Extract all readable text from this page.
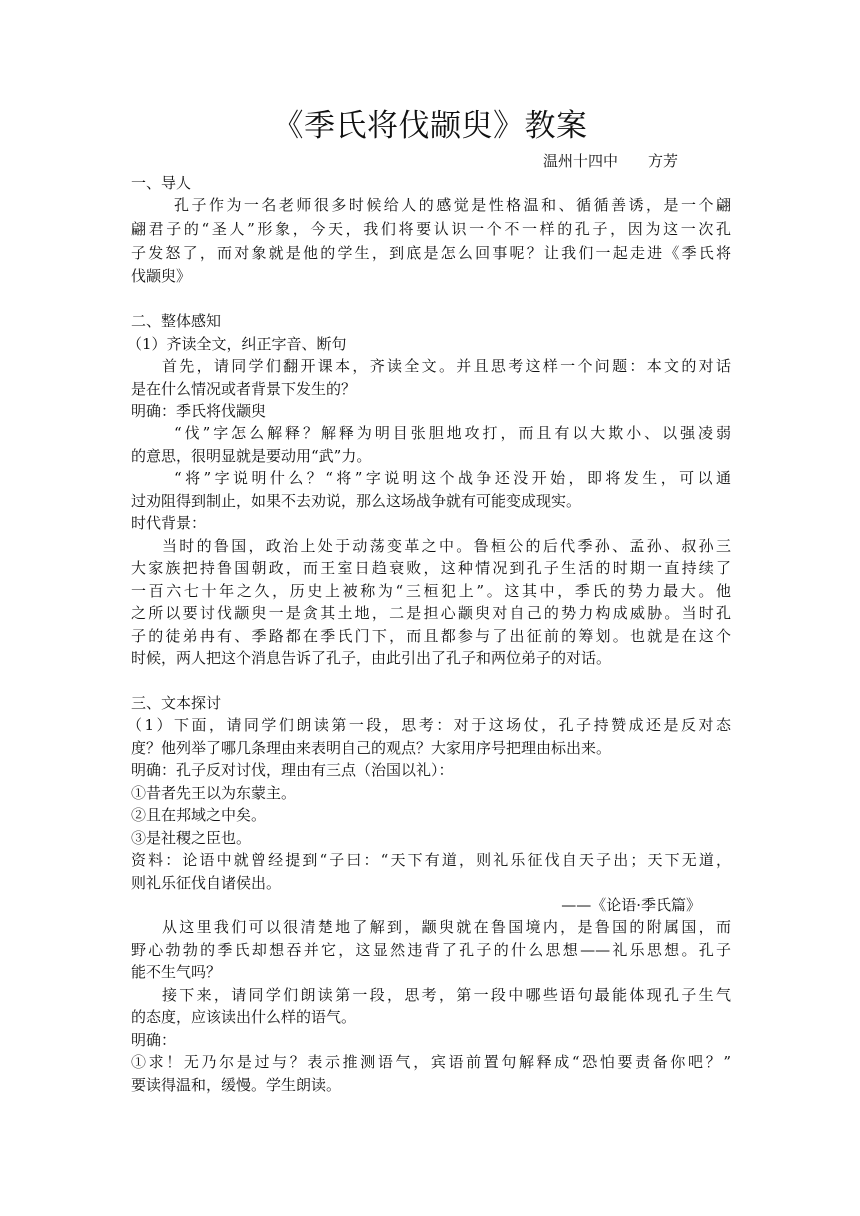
《季氏将伐颛臾》教案
温州十四中 方芳
一、导人
孔子作为一名老师很多时候给人的感觉是性格温和、循循善诱，是一个翩
翩君子的“圣人”形象，今天，我们将要认识一个不一样的孔子，因为这一次孔
子发怒了，而对象就是他的学生，到底是怎么回事呢？让我们一起走进《季氏将
伐颛臾》
二、整体感知
（1）齐读全文，纠正字音、断句
首先，请同学们翻开课本，齐读全文。并且思考这样一个问题：本文的对话
是在什么情况或者背景下发生的？
明确：季氏将伐颛臾
“伐”字怎么解释？解释为明目张胆地攻打，而且有以大欺小、以强凌弱
的意思，很明显就是要动用“武”力。
“将”字说明什么？“将”字说明这个战争还没开始，即将发生，可以通
过劝阻得到制止，如果不去劝说，那么这场战争就有可能变成现实。
时代背景：
当时的鲁国，政治上处于动荡变革之中。鲁桓公的后代季孙、孟孙、叔孙三
大家族把持鲁国朝政，而王室日趋衰败，这种情况到孔子生活的时期一直持续了
一百六七十年之久，历史上被称为“三桓犯上”。这其中，季氏的势力最大。他
之所以要讨伐颛臾一是贪其土地，二是担心颛臾对自己的势力构成威胁。当时孔
子的徒弟冉有、季路都在季氏门下，而且都参与了出征前的筹划。也就是在这个
时候，两人把这个消息告诉了孔子，由此引出了孔子和两位弟子的对话。
三、文本探讨
（1）下面，请同学们朗读第一段，思考：对于这场仗，孔子持赞成还是反对态
度？他列举了哪几条理由来表明自己的观点？大家用序号把理由标出来。
明确：孔子反对讨伐，理由有三点（治国以礼）：
①昔者先王以为东蒙主。
②且在邦域之中矣。
③是社稷之臣也。
资料：论语中就曾经提到“子曰：“天下有道，则礼乐征伐自天子出；天下无道，
则礼乐征伐自诸侯出。
——《论语·季氏篇》
从这里我们可以很清楚地了解到，颛臾就在鲁国境内，是鲁国的附属国，而
野心勃勃的季氏却想吞并它，这显然违背了孔子的什么思想——礼乐思想。孔子
能不生气吗？
接下来，请同学们朗读第一段，思考，第一段中哪些语句最能体现孔子生气
的态度，应该读出什么样的语气。
明确：
①求！无乃尔是过与？表示推测语气，宾语前置句解释成“恐怕要责备你吧？”
要读得温和，缓慢。学生朗读。
